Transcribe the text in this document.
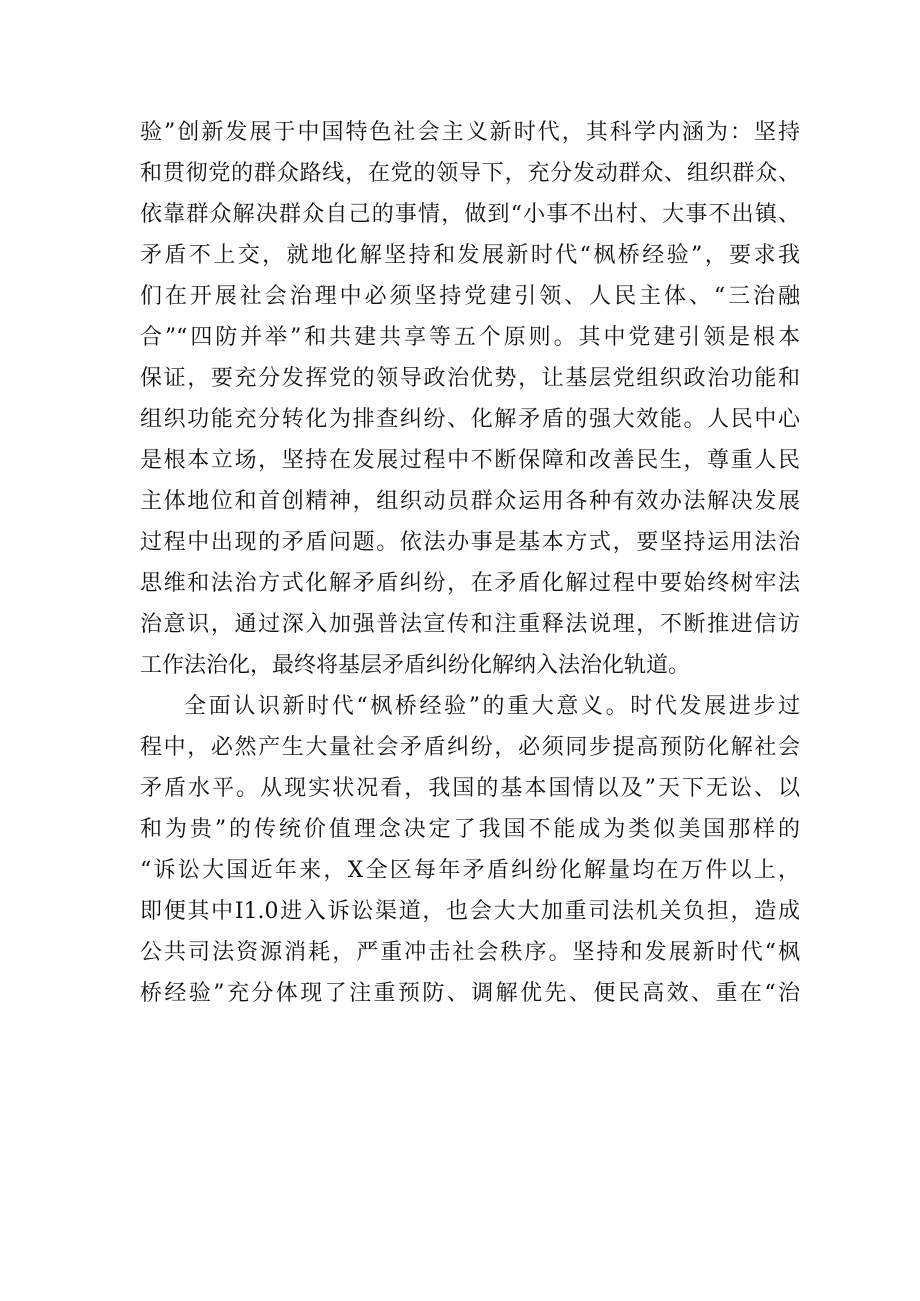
验”创新发展于中国特色社会主义新时代，其科学内涵为：坚持
和贯彻党的群众路线，在党的领导下，充分发动群众、组织群众、
依靠群众解决群众自己的事情，做到“小事不出村、大事不出镇、
矛盾不上交，就地化解坚持和发展新时代“枫桥经验”，要求我
们在开展社会治理中必须坚持党建引领、人民主体、“三治融
合”“四防并举”和共建共享等五个原则。其中党建引领是根本
保证，要充分发挥党的领导政治优势，让基层党组织政治功能和
组织功能充分转化为排查纠纷、化解矛盾的强大效能。人民中心
是根本立场，坚持在发展过程中不断保障和改善民生，尊重人民
主体地位和首创精神，组织动员群众运用各种有效办法解决发展
过程中出现的矛盾问题。依法办事是基本方式，要坚持运用法治
思维和法治方式化解矛盾纠纷，在矛盾化解过程中要始终树牢法
治意识，通过深入加强普法宣传和注重释法说理，不断推进信访
工作法治化，最终将基层矛盾纠纷化解纳入法治化轨道。
全面认识新时代“枫桥经验”的重大意义。时代发展进步过
程中，必然产生大量社会矛盾纠纷，必须同步提高预防化解社会
矛盾水平。从现实状况看，我国的基本国情以及”天下无讼、以
和为贵”的传统价值理念决定了我国不能成为类似美国那样的
“诉讼大国近年来，X全区每年矛盾纠纷化解量均在万件以上，
即便其中I1.0进入诉讼渠道，也会大大加重司法机关负担，造成
公共司法资源消耗，严重冲击社会秩序。坚持和发展新时代“枫
桥经验”充分体现了注重预防、调解优先、便民高效、重在“治
